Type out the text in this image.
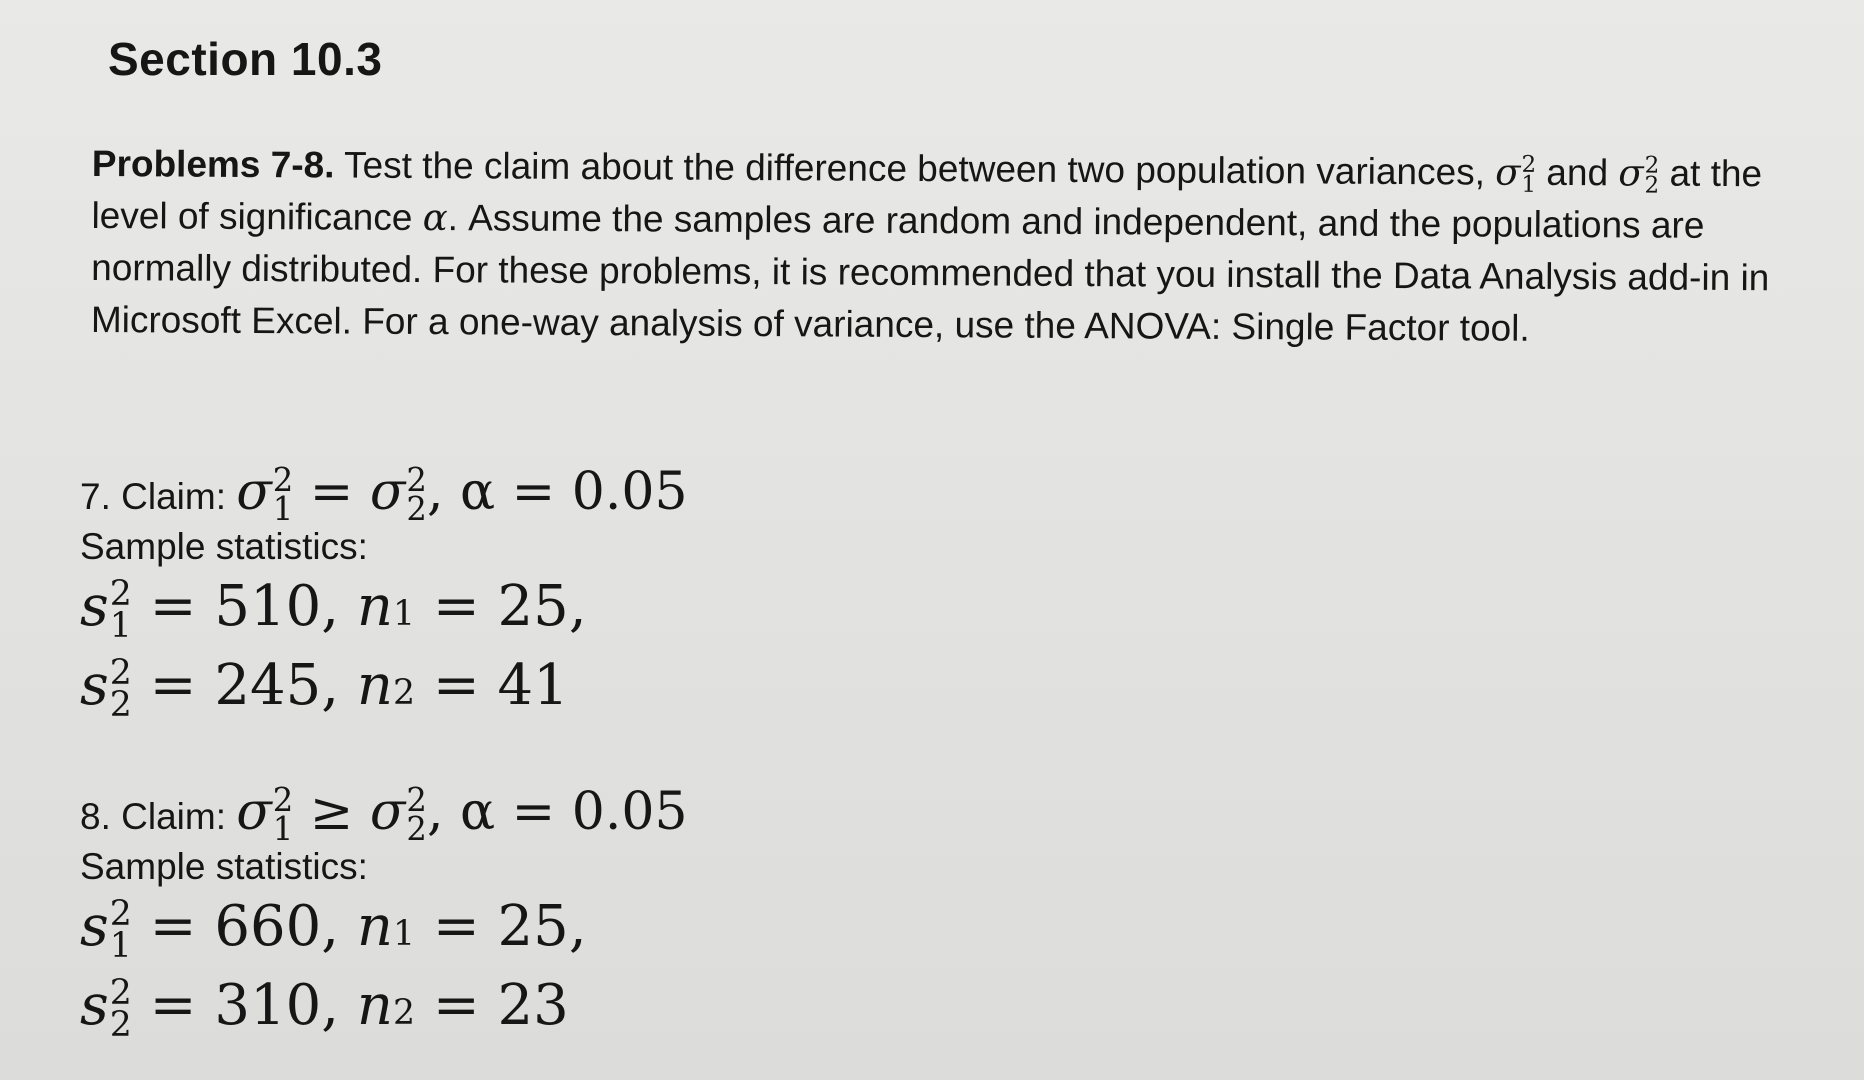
Section 10.3

Problems 7-8. Test the claim about the difference between two population variances, σ 2
1 and σ 2
2 at the level of significance α. Assume the samples are random and independent, and the populations are normally distributed. For these problems, it is recommended that you install the Data Analysis add-in in Microsoft Excel. For a one-way analysis of variance, use the ANOVA: Single Factor tool.

7. Claim: σ 2
1 = σ 2
2 , α = 0.05
Sample statistics:
s 2
1 = 510, n1 = 25,
s 2
2 = 245, n2 = 41
8. Claim: σ 2
1 ≥ σ 2
2 , α = 0.05
Sample statistics:
s 2
1 = 660, n1 = 25,
s 2
2 = 310, n2 = 23
